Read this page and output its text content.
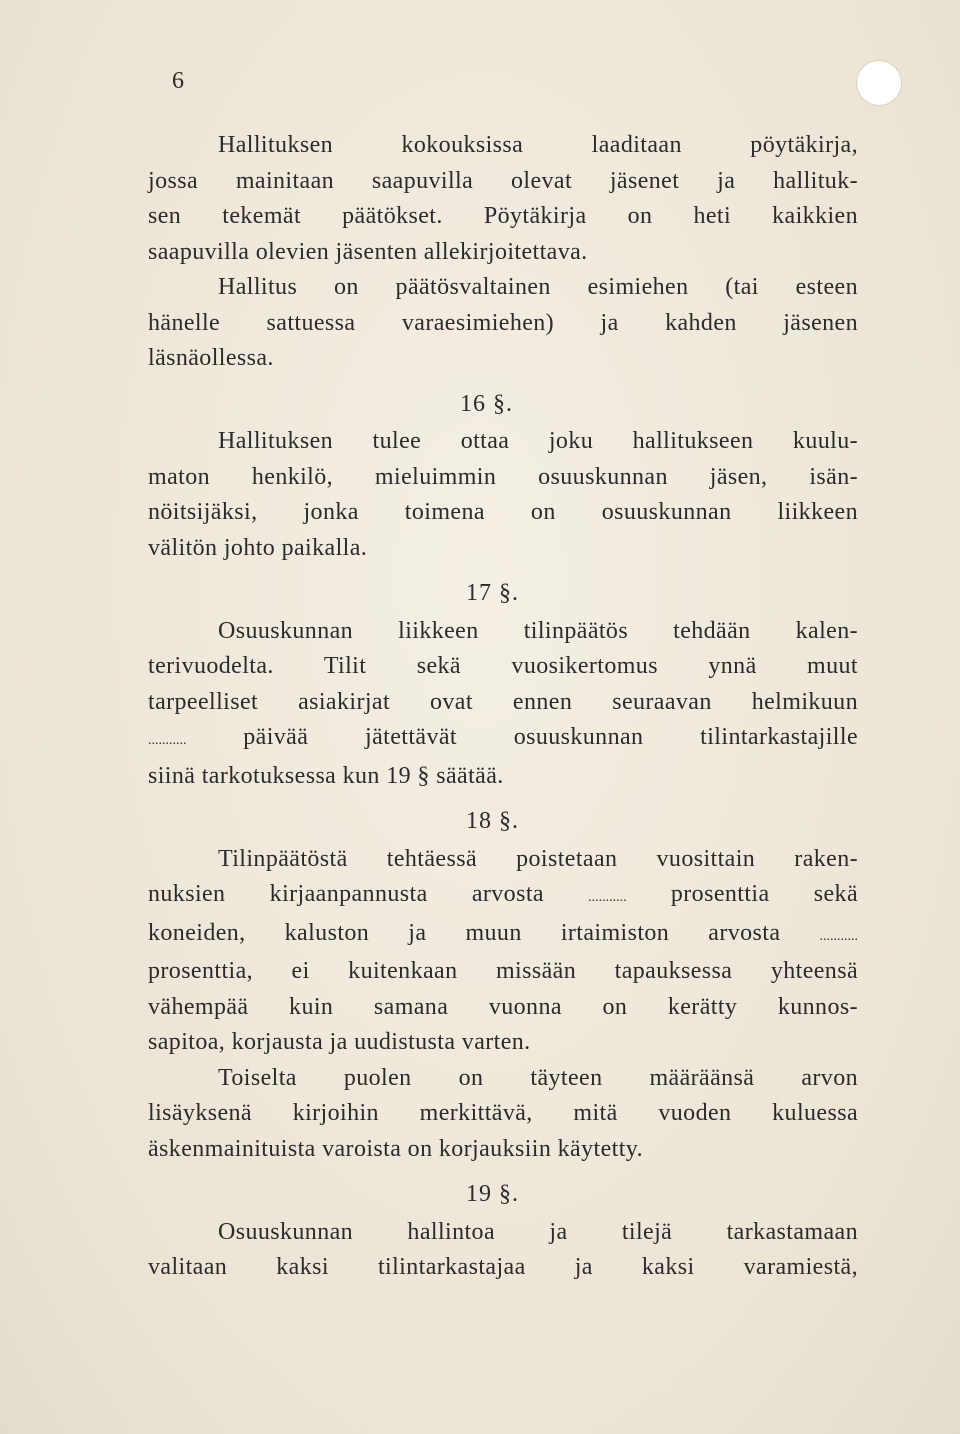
6
Hallituksen kokouksissa laaditaan pöytäkirja,
jossa mainitaan saapuvilla olevat jäsenet ja hallituk-
sen tekemät päätökset. Pöytäkirja on heti kaikkien
saapuvilla olevien jäsenten allekirjoitettava.
Hallitus on päätösvaltainen esimiehen (tai esteen
hänelle sattuessa varaesimiehen) ja kahden jäsenen
läsnäollessa.
16 §.
Hallituksen tulee ottaa joku hallitukseen kuulu-
maton henkilö, mieluimmin osuuskunnan jäsen, isän-
nöitsijäksi, jonka toimena on osuuskunnan liikkeen
välitön johto paikalla.
17 §.
Osuuskunnan liikkeen tilinpäätös tehdään kalen-
terivuodelta. Tilit sekä vuosikertomus ynnä muut
tarpeelliset asiakirjat ovat ennen seuraavan helmikuun
........... päivää jätettävät osuuskunnan tilintarkastajille
siinä tarkotuksessa kun 19 § säätää.
18 §.
Tilinpäätöstä tehtäessä poistetaan vuosittain raken-
nuksien kirjaanpannusta arvosta	........... prosenttia sekä
koneiden, kaluston ja muun irtaimiston arvosta	...........
prosenttia, ei kuitenkaan missään tapauksessa yhteensä
vähempää kuin samana vuonna on kerätty kunnos-
sapitoa, korjausta ja uudistusta varten.
Toiselta puolen on täyteen määräänsä arvon
lisäyksenä kirjoihin merkittävä, mitä vuoden kuluessa
äskenmainituista varoista on korjauksiin käytetty.
19 §.
Osuuskunnan hallintoa ja tilejä tarkastamaan
valitaan kaksi tilintarkastajaa ja kaksi varamiestä,
